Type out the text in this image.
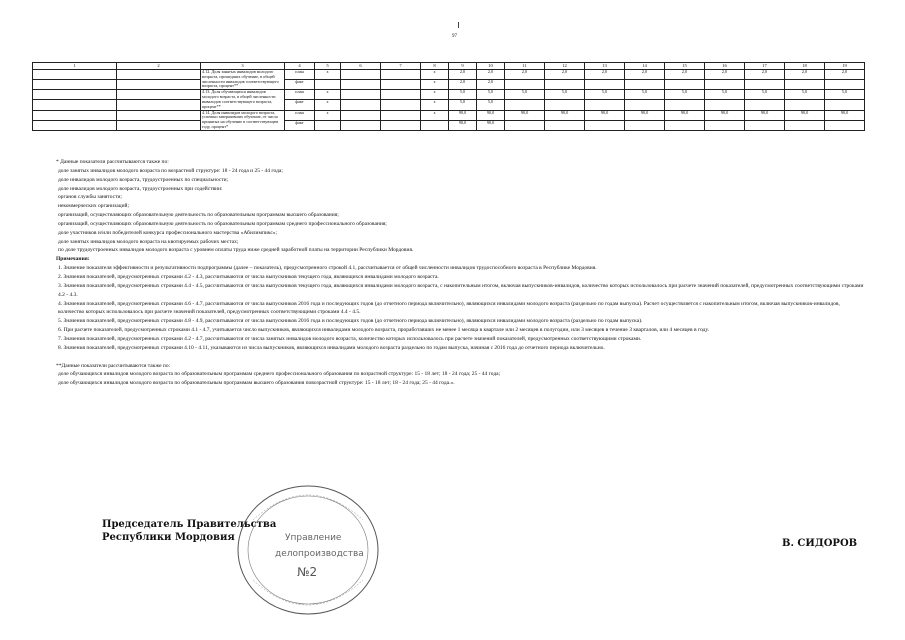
97
1	2	3	4	5	6	7	8	9	10	11	12	13	14	15	16	17	18	19
		4.12. Доля занятых инвалидов молодого возраста, прошедших обучение, в общей численности инвалидов соответствующего возраста, процент**	план	х			х	2,0	2,0	2,0	2,0	2,0	2,0	2,0	2,0	2,0	2,0	2,0
			факт				х	2,0	2,0									
		4.13. Доля обучающихся инвалидов молодого возраста, в общей численности инвалидов соответствующего возраста, процент**	план	х			х	5,0	5,0	5,0	5,0	5,0	5,0	5,0	5,0	5,0	5,0	5,0
			факт	х			х	5,0	5,0									
		4.14. Доля инвалидов молодого возраста, успешно завершивших обучение, от числа принятых на обучение в соответствующем году, процент*	план	х			х	90,0	90,0	90,0	90,0	90,0	90,0	90,0	90,0	90,0	90,0	90,0
			факт					90,0	90,0									
* Данные показатели рассчитываются также по:
доле занятых инвалидов молодого возраста по возрастной структуре: 18 - 24 года и 25 - 44 года;
доле инвалидов молодого возраста, трудоустроенных по специальности;
доле инвалидов молодого возраста, трудоустроенных при содействии:
органов службы занятости;
некоммерческих организаций;
организаций, осуществляющих образовательную деятельность по образовательным программам высшего образования;
организаций, осуществляющих образовательную деятельность по образовательным программам среднего профессионального образования;
доле участников и/или победителей конкурса профессионального мастерства «Абилимпикс»;
доле занятых инвалидов молодого возраста на квотируемых рабочих местах;
по доле трудоустроенных инвалидов молодого возраста с уровнем оплаты труда ниже средней заработной платы на территории Республики Мордовия.
Примечания:
1. Значение показателя эффективности и результативности подпрограммы (далее – показатель), предусмотренного строкой 4.1, рассчитывается от общей численности инвалидов трудоспособного возраста в Республике Мордовия.
2. Значения показателей, предусмотренных строками 4.2 - 4.3, рассчитываются от числа выпускников текущего года, являющихся инвалидами молодого возраста.
3. Значения показателей, предусмотренных строками 4.4 - 4.5, рассчитываются от числа выпускников текущего года, являющихся инвалидами молодого возраста, с накопительным итогом, включая выпускников-инвалидов, количество которых использовалось при расчете значений показателей, предусмотренных соответствующими строками 4.2 - 4.3.
4. Значения показателей, предусмотренных строками 4.6 - 4.7, рассчитываются от числа выпускников 2016 года и последующих годов (до отчетного периода включительно), являющихся инвалидами молодого возраста (раздельно по годам выпуска). Расчет осуществляется с накопительным итогом, включая выпускников-инвалидов, количество которых использовалось при расчете значений показателей, предусмотренных соответствующими строками 4.4 - 4.5.
5. Значения показателей, предусмотренных строками 4.8 - 4.9, рассчитываются от числа выпускников 2016 года и последующих годов (до отчетного периода включительно), являющихся инвалидами молодого возраста (раздельно по годам выпуска).
6. При расчете показателей, предусмотренных строками 4.1 - 4.7, учитывается число выпускников, являющихся инвалидами молодого возраста, проработавших не менее 1 месяца в квартале или 2 месяцев в полугодии, или 3 месяцев в течение 3 кварталов, или 4 месяцев в году.
7. Значения показателей, предусмотренных строками 4.2 - 4.7, рассчитываются от числа занятых инвалидов молодого возраста, количество которых использовалось при расчете значений показателей, предусмотренных соответствующими строками.
8. Значения показателей, предусмотренных строками 4.10 - 4.11, указываются из числа выпускников, являющихся инвалидами молодого возраста раздельно по годам выпуска, начиная с 2016 года до отчетного периода включительно.
**Данные показатели рассчитываются также по:
доле обучающихся инвалидов молодого возраста по образовательным программам среднего профессионального образования по возрастной структуре: 15 - 18 лет; 18 - 24 года; 25 - 44 года;
доле обучающихся инвалидов молодого возраста по образовательным программам высшего образования повозрастной структуре: 15 - 18 лет; 18 - 24 года; 25 - 44 года.».
Председатель Правительства
Республики Мордовия
В. СИДОРОВ
Управление
делопроизводства
№2
